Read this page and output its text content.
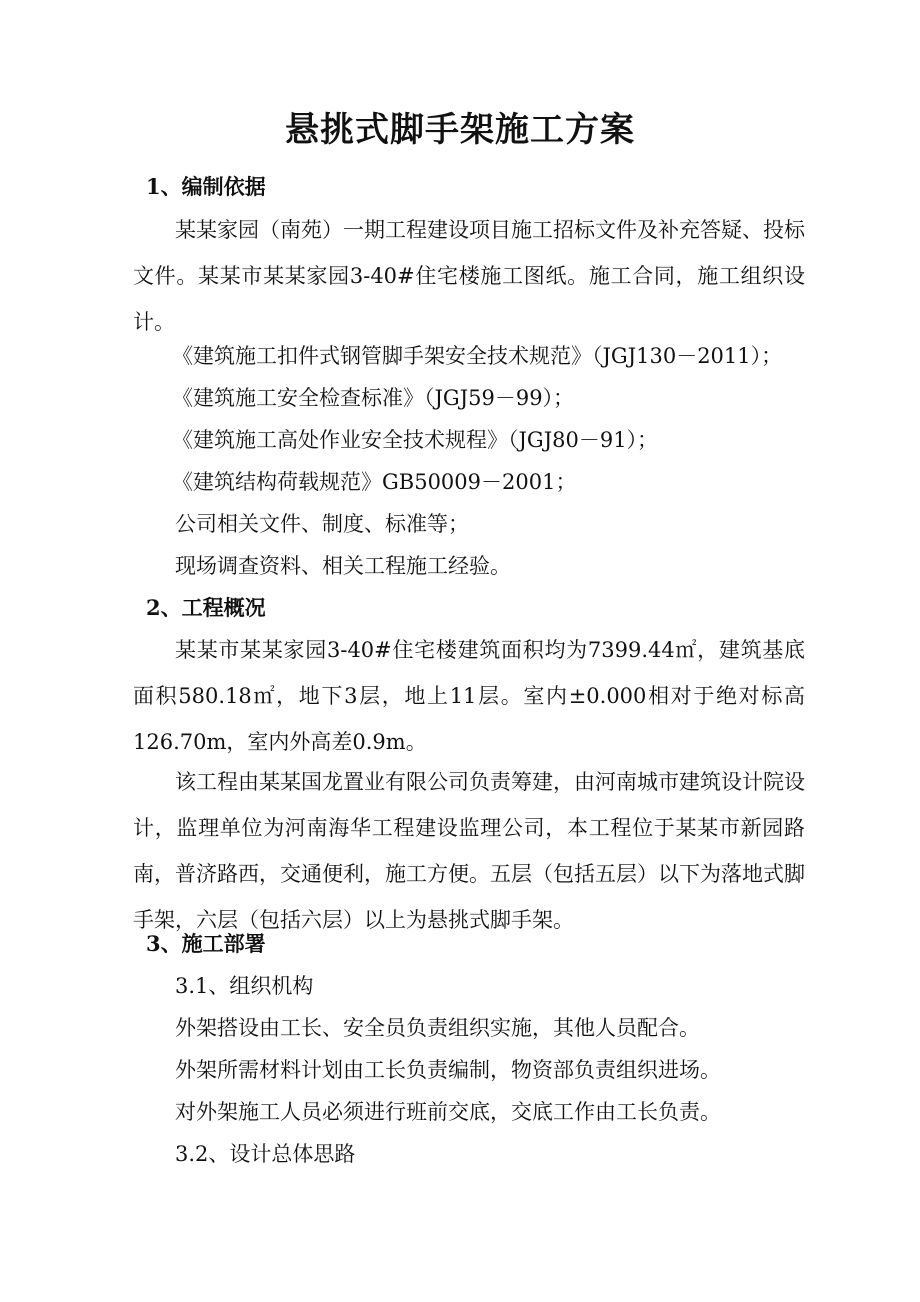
悬挑式脚手架施工方案
1、编制依据

某某家园（南苑）一期工程建设项目施工招标文件及补充答疑、投标文件。某某市某某家园3-40#住宅楼施工图纸。施工合同，施工组织设计。

《建筑施工扣件式钢管脚手架安全技术规范》（JGJ130－2011）；
《建筑施工安全检查标准》（JGJ59－99）；
《建筑施工高处作业安全技术规程》（JGJ80－91）；
《建筑结构荷载规范》GB50009－2001；
公司相关文件、制度、标准等；
现场调查资料、相关工程施工经验。
2、工程概况

某某市某某家园3-40#住宅楼建筑面积均为7399.44㎡，建筑基底面积580.18㎡，地下3层，地上11层。室内±0.000相对于绝对标高126.70m，室内外高差0.9m。

该工程由某某国龙置业有限公司负责筹建，由河南城市建筑设计院设计，监理单位为河南海华工程建设监理公司，本工程位于某某市新园路南，普济路西，交通便利，施工方便。五层（包括五层）以下为落地式脚手架，六层（包括六层）以上为悬挑式脚手架。

3、施工部署
3.1、组织机构
外架搭设由工长、安全员负责组织实施，其他人员配合。
外架所需材料计划由工长负责编制，物资部负责组织进场。
对外架施工人员必须进行班前交底，交底工作由工长负责。
3.2、设计总体思路
